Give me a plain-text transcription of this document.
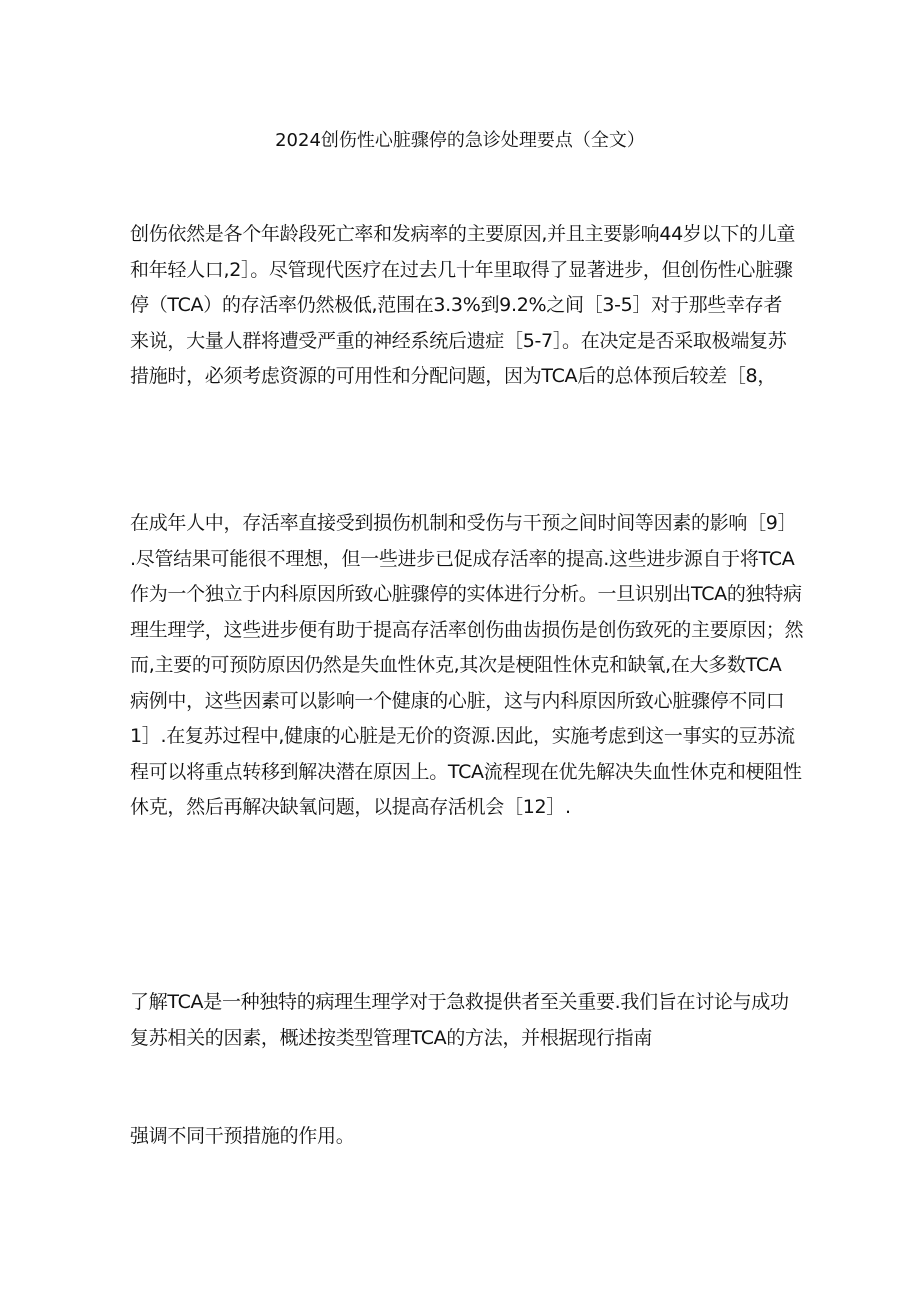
2024创伤性心脏骤停的急诊处理要点（全文）
创伤依然是各个年龄段死亡率和发病率的主要原因,并且主要影响44岁以下的儿童
和年轻人口,2］。尽管现代医疗在过去几十年里取得了显著进步，但创伤性心脏骤
停（TCA）的存活率仍然极低,范围在3.3%到9.2%之间［3-5］对于那些幸存者
来说，大量人群将遭受严重的神经系统后遗症［5-7］。在决定是否采取极端复苏
措施时，必须考虑资源的可用性和分配问题，因为TCA后的总体预后较差［8，
在成年人中，存活率直接受到损伤机制和受伤与干预之间时间等因素的影响［9］
.尽管结果可能很不理想，但一些进步已促成存活率的提高.这些进步源自于将TCA
作为一个独立于内科原因所致心脏骤停的实体进行分析。一旦识别出TCA的独特病
理生理学，这些进步便有助于提高存活率创伤曲齿损伤是创伤致死的主要原因；然
而,主要的可预防原因仍然是失血性休克,其次是梗阻性休克和缺氧,在大多数TCA
病例中，这些因素可以影响一个健康的心脏，这与内科原因所致心脏骤停不同口
1］.在复苏过程中,健康的心脏是无价的资源.因此，实施考虑到这一事实的豆苏流
程可以将重点转移到解决潜在原因上。TCA流程现在优先解决失血性休克和梗阻性
休克，然后再解决缺氧问题，以提高存活机会［12］.
了解TCA是一种独特的病理生理学对于急救提供者至关重要.我们旨在讨论与成功
复苏相关的因素，概述按类型管理TCA的方法，并根据现行指南
强调不同干预措施的作用。
